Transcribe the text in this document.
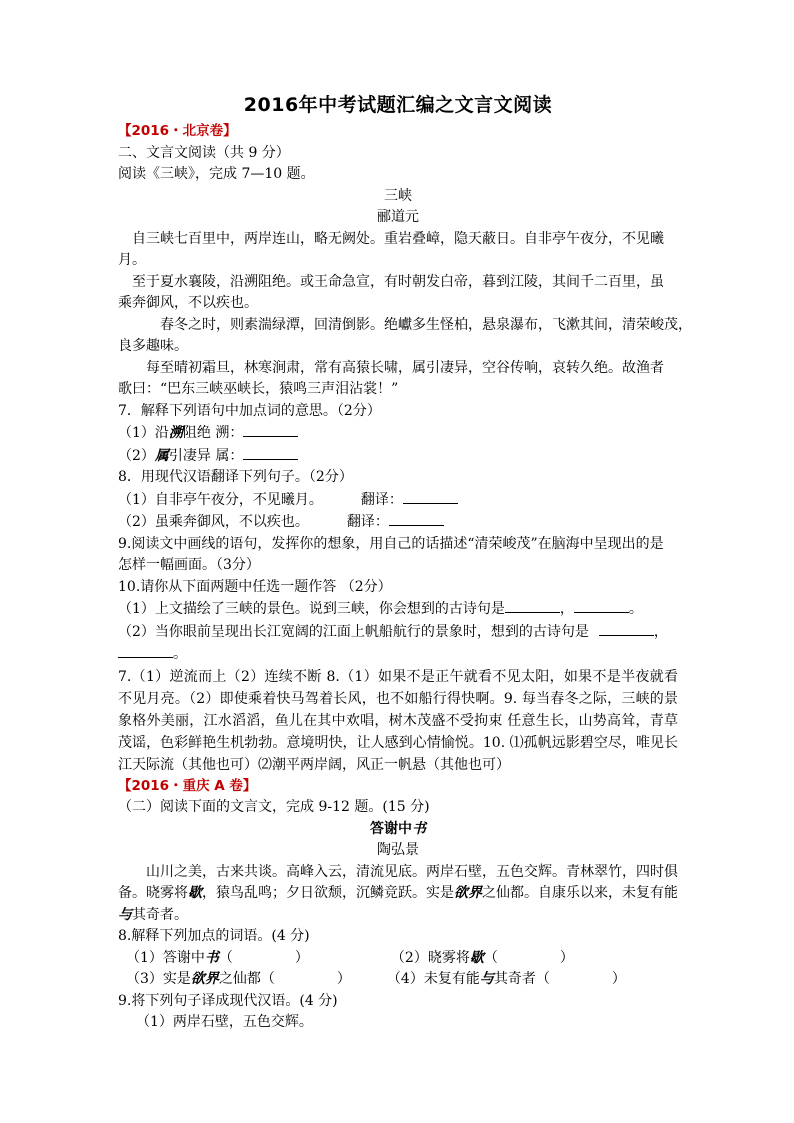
2016年中考试题汇编之文言文阅读
【2016・北京卷】
二、文言文阅读（共 9 分）
阅读《三峡》，完成 7—10 题。
三峡
郦道元
自三峡七百里中，两岸连山，略无阙处。重岩叠嶂，隐天蔽日。自非亭午夜分，不见曦
月。
至于夏水襄陵，沿溯阻绝。或王命急宣，有时朝发白帝，暮到江陵，其间千二百里，虽
乘奔御风，不以疾也。
春冬之时，则素湍绿潭，回清倒影。绝巘多生怪柏，悬泉瀑布，飞漱其间，清荣峻茂，
良多趣味。
每至晴初霜旦，林寒涧肃，常有高猿长啸，属引凄异，空谷传响，哀转久绝。故渔者
歌曰：“巴东三峡巫峡长，猿鸣三声泪沾裳！”
7．解释下列语句中加点词的意思。（2分）
（1）沿溯阻绝 溯：
（2）属引凄异 属：
8．用现代汉语翻译下列句子。（2分）
（1）自非亭午夜分，不见曦月。	翻译：
（2）虽乘奔御风，不以疾也。	翻译：
9.阅读文中画线的语句，发挥你的想象，用自己的话描述“清荣峻茂”在脑海中呈现出的是
怎样一幅画面。（3分）
10.请你从下面两题中任选一题作答 （2分）
（1）上文描绘了三峡的景色。说到三峡，你会想到的古诗句是	，	。
（2）当你眼前呈现出长江宽阔的江面上帆船航行的景象时，想到的古诗句是	，
。
7.（1）逆流而上（2）连续不断 8.（1）如果不是正午就看不见太阳，如果不是半夜就看不见月亮。（2）即使乘着快马驾着长风，也不如船行得快啊。9. 每当春冬之际，三峡的景象格外美丽，江水滔滔，鱼儿在其中欢唱，树木茂盛不受拘束 任意生长，山势高耸，青草茂谣，色彩鲜艳生机勃勃。意境明快，让人感到心情愉悦。10. ⑴孤帆远影碧空尽，唯见长江天际流（其他也可）⑵潮平两岸阔，风正一帆悬（其他也可）
【2016・重庆 A 卷】
（二）阅读下面的文言文，完成 9-12 题。(15 分)
答谢中书
陶弘景
山川之美，古来共谈。高峰入云，清流见底。两岸石壁，五色交辉。青林翠竹，四时俱
备。晓雾将歇，猿鸟乱鸣；夕日欲颓，沉鳞竞跃。实是欲界之仙都。自康乐以来，未复有能
与其奇者。
8.解释下列加点的词语。(4 分)
（1）答谢中书（	）	（2）晓雾将歇（	）
（3）实是欲界之仙都（	）	（4）未复有能与其奇者（	）
9.将下列句子译成现代汉语。(4 分)
（1）两岸石壁，五色交辉。
